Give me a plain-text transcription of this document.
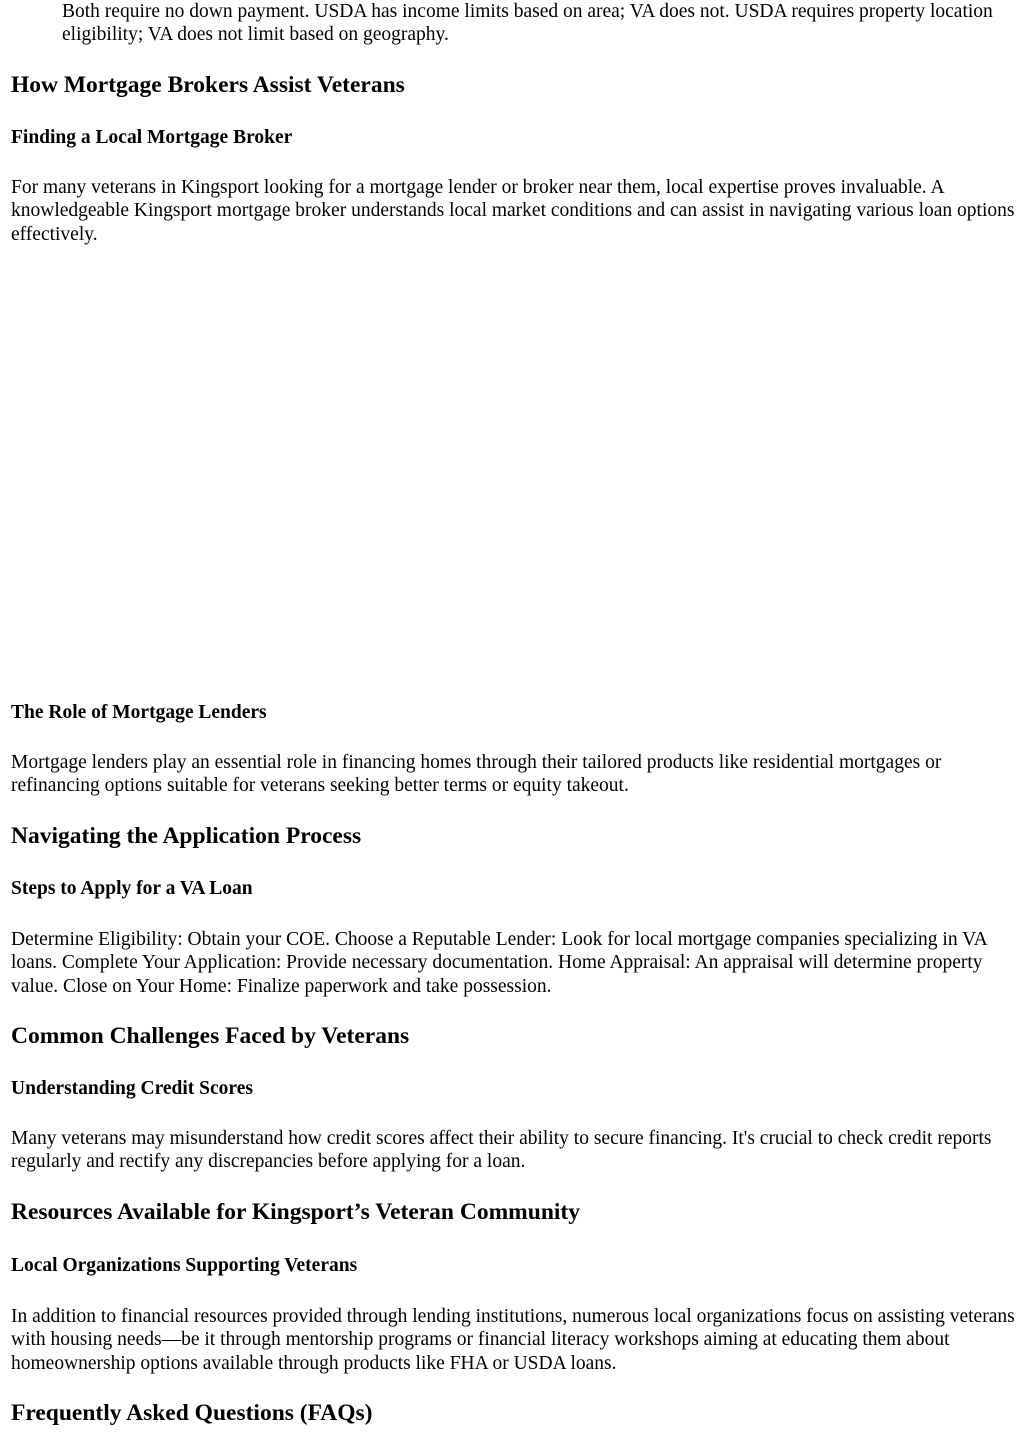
Both require no down payment. USDA has income limits based on area; VA does not. USDA requires property location eligibility; VA does not limit based on geography.

How Mortgage Brokers Assist Veterans
Finding a Local Mortgage Broker

For many veterans in Kingsport looking for a mortgage lender or broker near them, local expertise proves invaluable. A knowledgeable Kingsport mortgage broker understands local market conditions and can assist in navigating various loan options effectively.

The Role of Mortgage Lenders

Mortgage lenders play an essential role in financing homes through their tailored products like residential mortgages or refinancing options suitable for veterans seeking better terms or equity takeout.

Navigating the Application Process
Steps to Apply for a VA Loan

Determine Eligibility: Obtain your COE. Choose a Reputable Lender: Look for local mortgage companies specializing in VA loans. Complete Your Application: Provide necessary documentation. Home Appraisal: An appraisal will determine property value. Close on Your Home: Finalize paperwork and take possession.

Common Challenges Faced by Veterans
Understanding Credit Scores

Many veterans may misunderstand how credit scores affect their ability to secure financing. It's crucial to check credit reports regularly and rectify any discrepancies before applying for a loan.

Resources Available for Kingsport’s Veteran Community
Local Organizations Supporting Veterans

In addition to financial resources provided through lending institutions, numerous local organizations focus on assisting veterans with housing needs—be it through mentorship programs or financial literacy workshops aiming at educating them about homeownership options available through products like FHA or USDA loans.

Frequently Asked Questions (FAQs)
